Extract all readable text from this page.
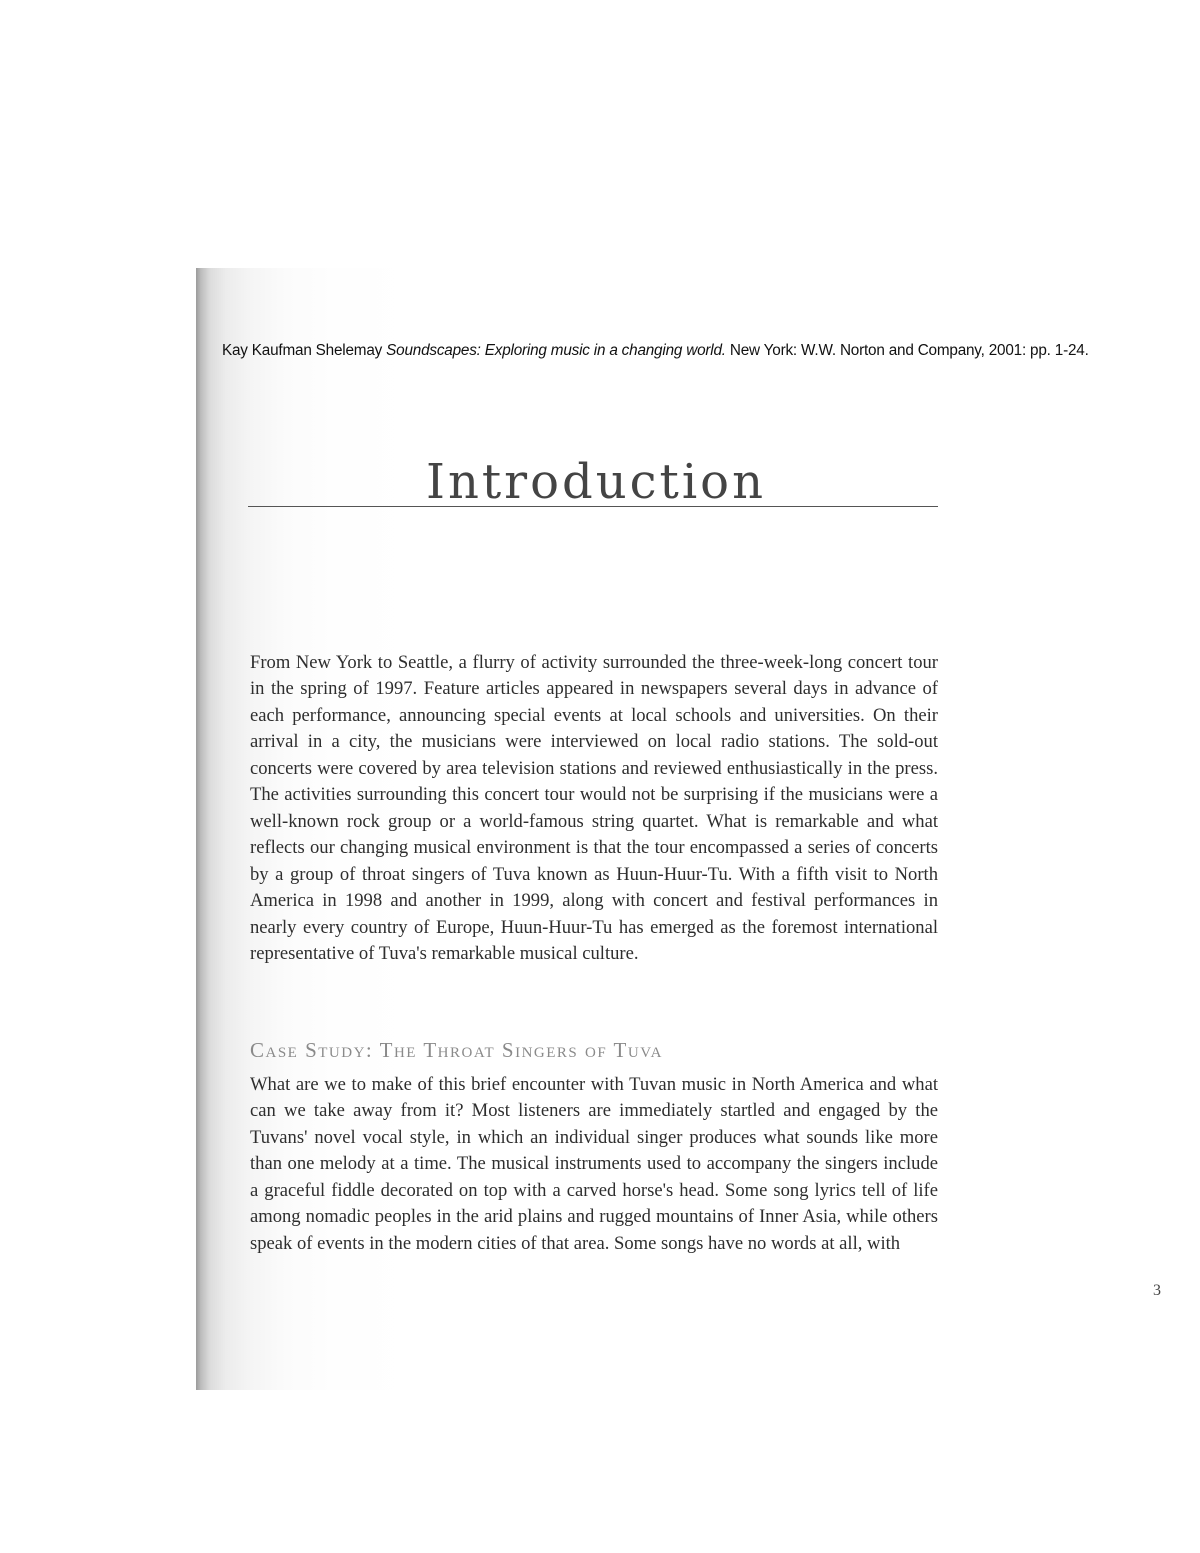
Kay Kaufman Shelemay Soundscapes: Exploring music in a changing world. New York: W.W. Norton and Company, 2001: pp. 1-24.
Introduction

From New York to Seattle, a flurry of activity surrounded the three-week-long concert tour in the spring of 1997. Feature articles appeared in newspapers several days in advance of each performance, announcing special events at local schools and universities. On their arrival in a city, the musicians were interviewed on local radio stations. The sold-out concerts were covered by area television stations and reviewed enthusiastically in the press. The activities surrounding this concert tour would not be surprising if the musicians were a well-known rock group or a world-famous string quartet. What is remarkable and what reflects our changing musical environment is that the tour encompassed a series of concerts by a group of throat singers of Tuva known as Huun-Huur-Tu. With a fifth visit to North America in 1998 and another in 1999, along with concert and festival performances in nearly every country of Europe, Huun-Huur-Tu has emerged as the foremost international representative of Tuva's remarkable musical culture.

Case Study: The Throat Singers of Tuva

What are we to make of this brief encounter with Tuvan music in North America and what can we take away from it? Most listeners are immediately startled and engaged by the Tuvans' novel vocal style, in which an individual singer produces what sounds like more than one melody at a time. The musical instruments used to accompany the singers include a graceful fiddle decorated on top with a carved horse's head. Some song lyrics tell of life among nomadic peoples in the arid plains and rugged mountains of Inner Asia, while others speak of events in the modern cities of that area. Some songs have no words at all, with

3
